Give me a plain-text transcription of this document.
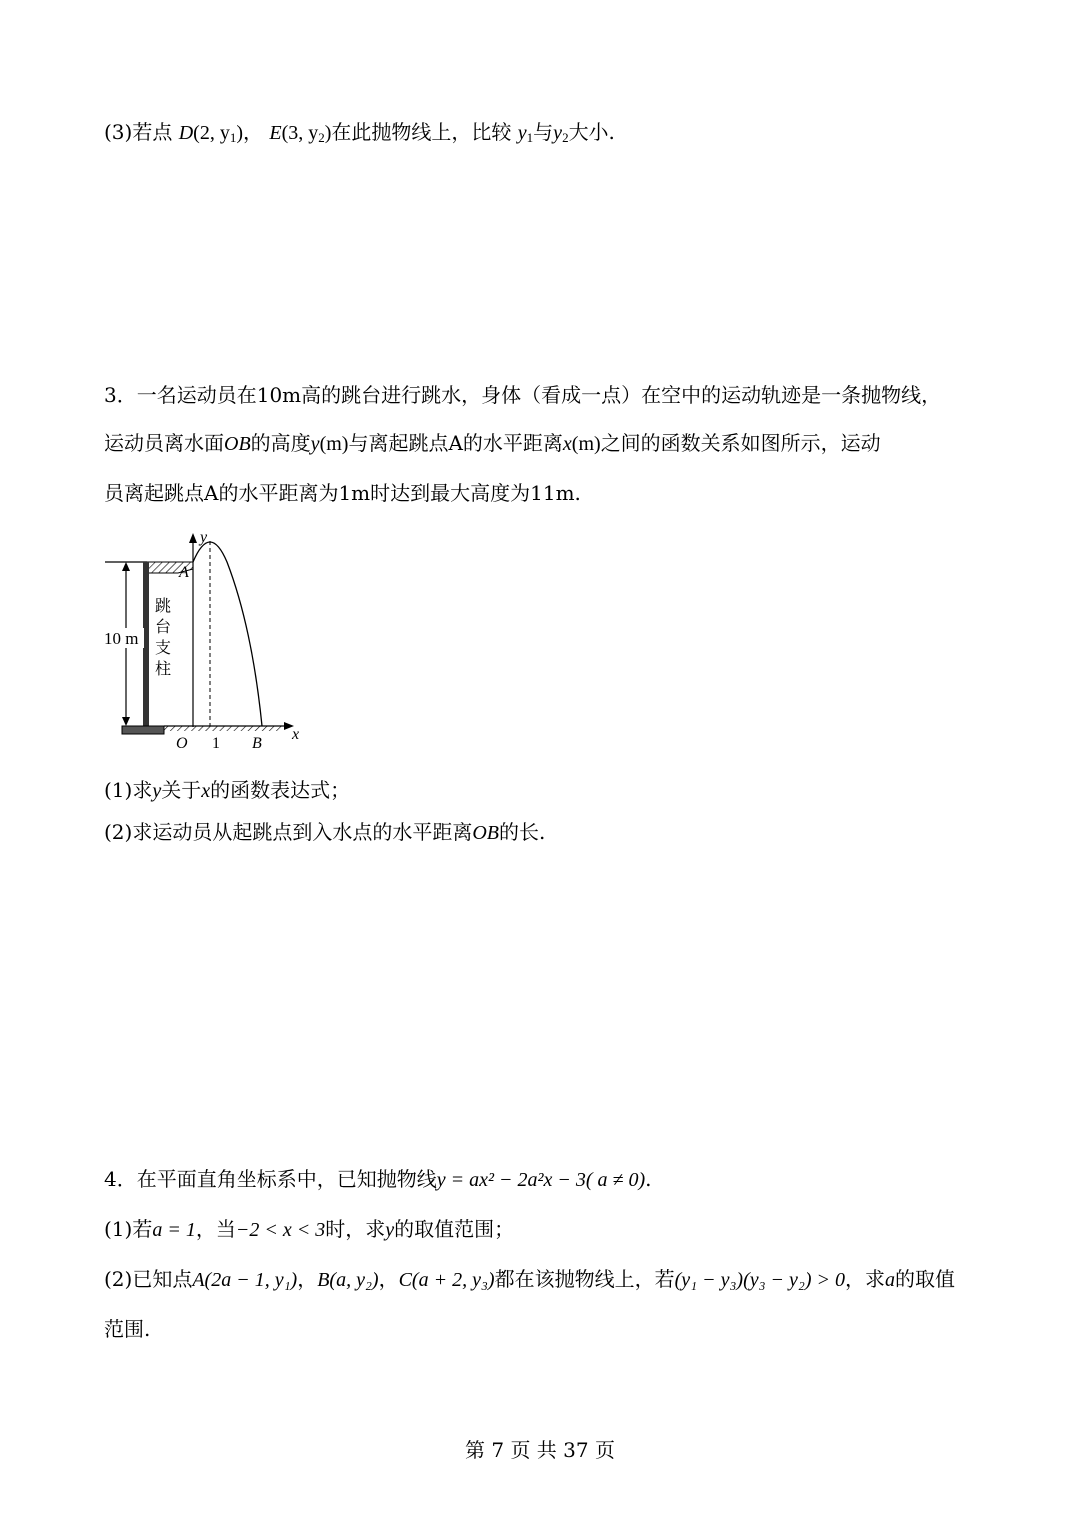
(3)若点 D(2, $y_1$)， E(3, $y_2$)在此抛物线上，比较 $y_1$与$y_2$大小.
3．一名运动员在10m高的跳台进行跳水，身体（看成一点）在空中的运动轨迹是一条抛物线，
运动员离水面OB的高度y(m)与离起跳点A的水平距离x(m)之间的函数关系如图所示，运动
员离起跳点A的水平距离为1m时达到最大高度为11m.
10 m
跳
台
支
柱
y
x
A
O 1 B
(1)求y关于x的函数表达式；
(2)求运动员从起跳点到入水点的水平距离OB的长.
4．在平面直角坐标系中，已知抛物线y = ax² − 2a²x − 3( a ≠ 0).
(1)若a = 1，当−2 < x < 3时，求y的取值范围；
(2)已知点A(2a − 1, y₁)，B(a, y₂)，C(a + 2, y₃)都在该抛物线上，若(y₁ − y₃)(y₃ − y₂) > 0，求a的取值
范围.
第 7 页 共 37 页
